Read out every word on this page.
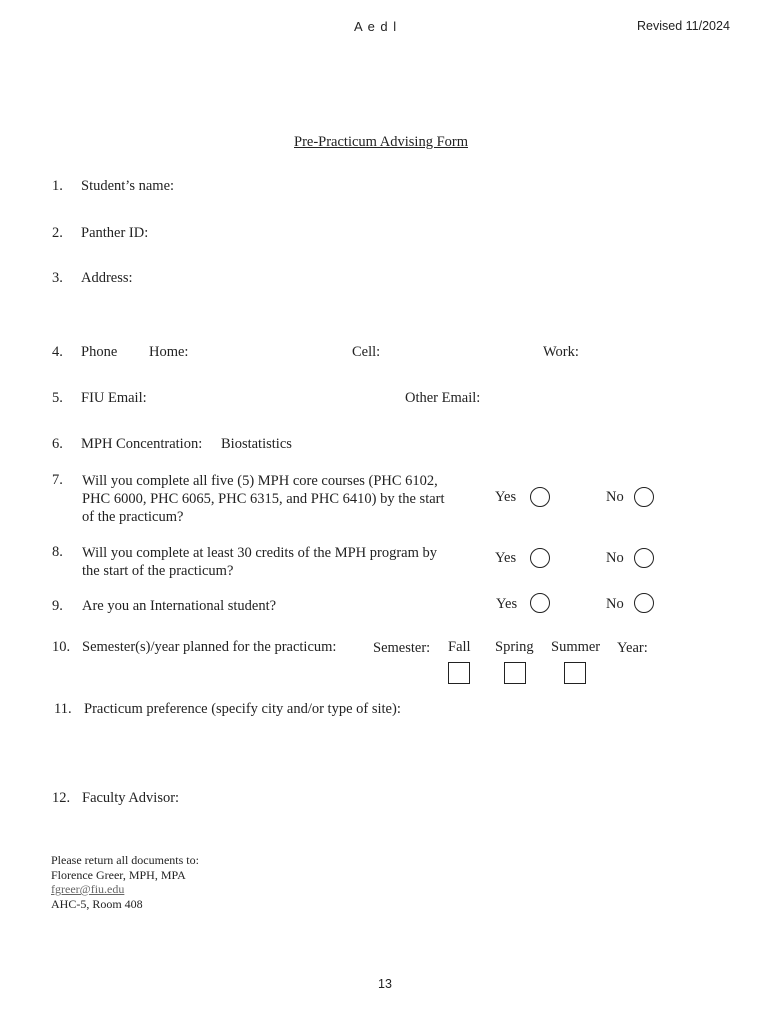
A e d l	Revised 11/2024
Pre-Practicum Advising Form
1. Student’s name:
2. Panther ID:
3. Address:
4. Phone Home:	Cell:	Work:
5. FIU Email:	Other Email:
6. MPH Concentration: Biostatistics
7. Will you complete all five (5) MPH core courses (PHC 6102,
PHC 6000, PHC 6065, PHC 6315, and PHC 6410) by the start
of the practicum?
Yes	No
8. Will you complete at least 30 credits of the MPH program by
the start of the practicum?
Yes	No
9. Are you an International student?	Yes	No
10. Semester(s)/year planned for the practicum:	Semester: Fall Spring Summer Year:
11. Practicum preference (specify city and/or type of site):
12. Faculty Advisor:
Please return all documents to:
Florence Greer, MPH, MPA
fgreer@fiu.edu
AHC-5, Room 408
13
